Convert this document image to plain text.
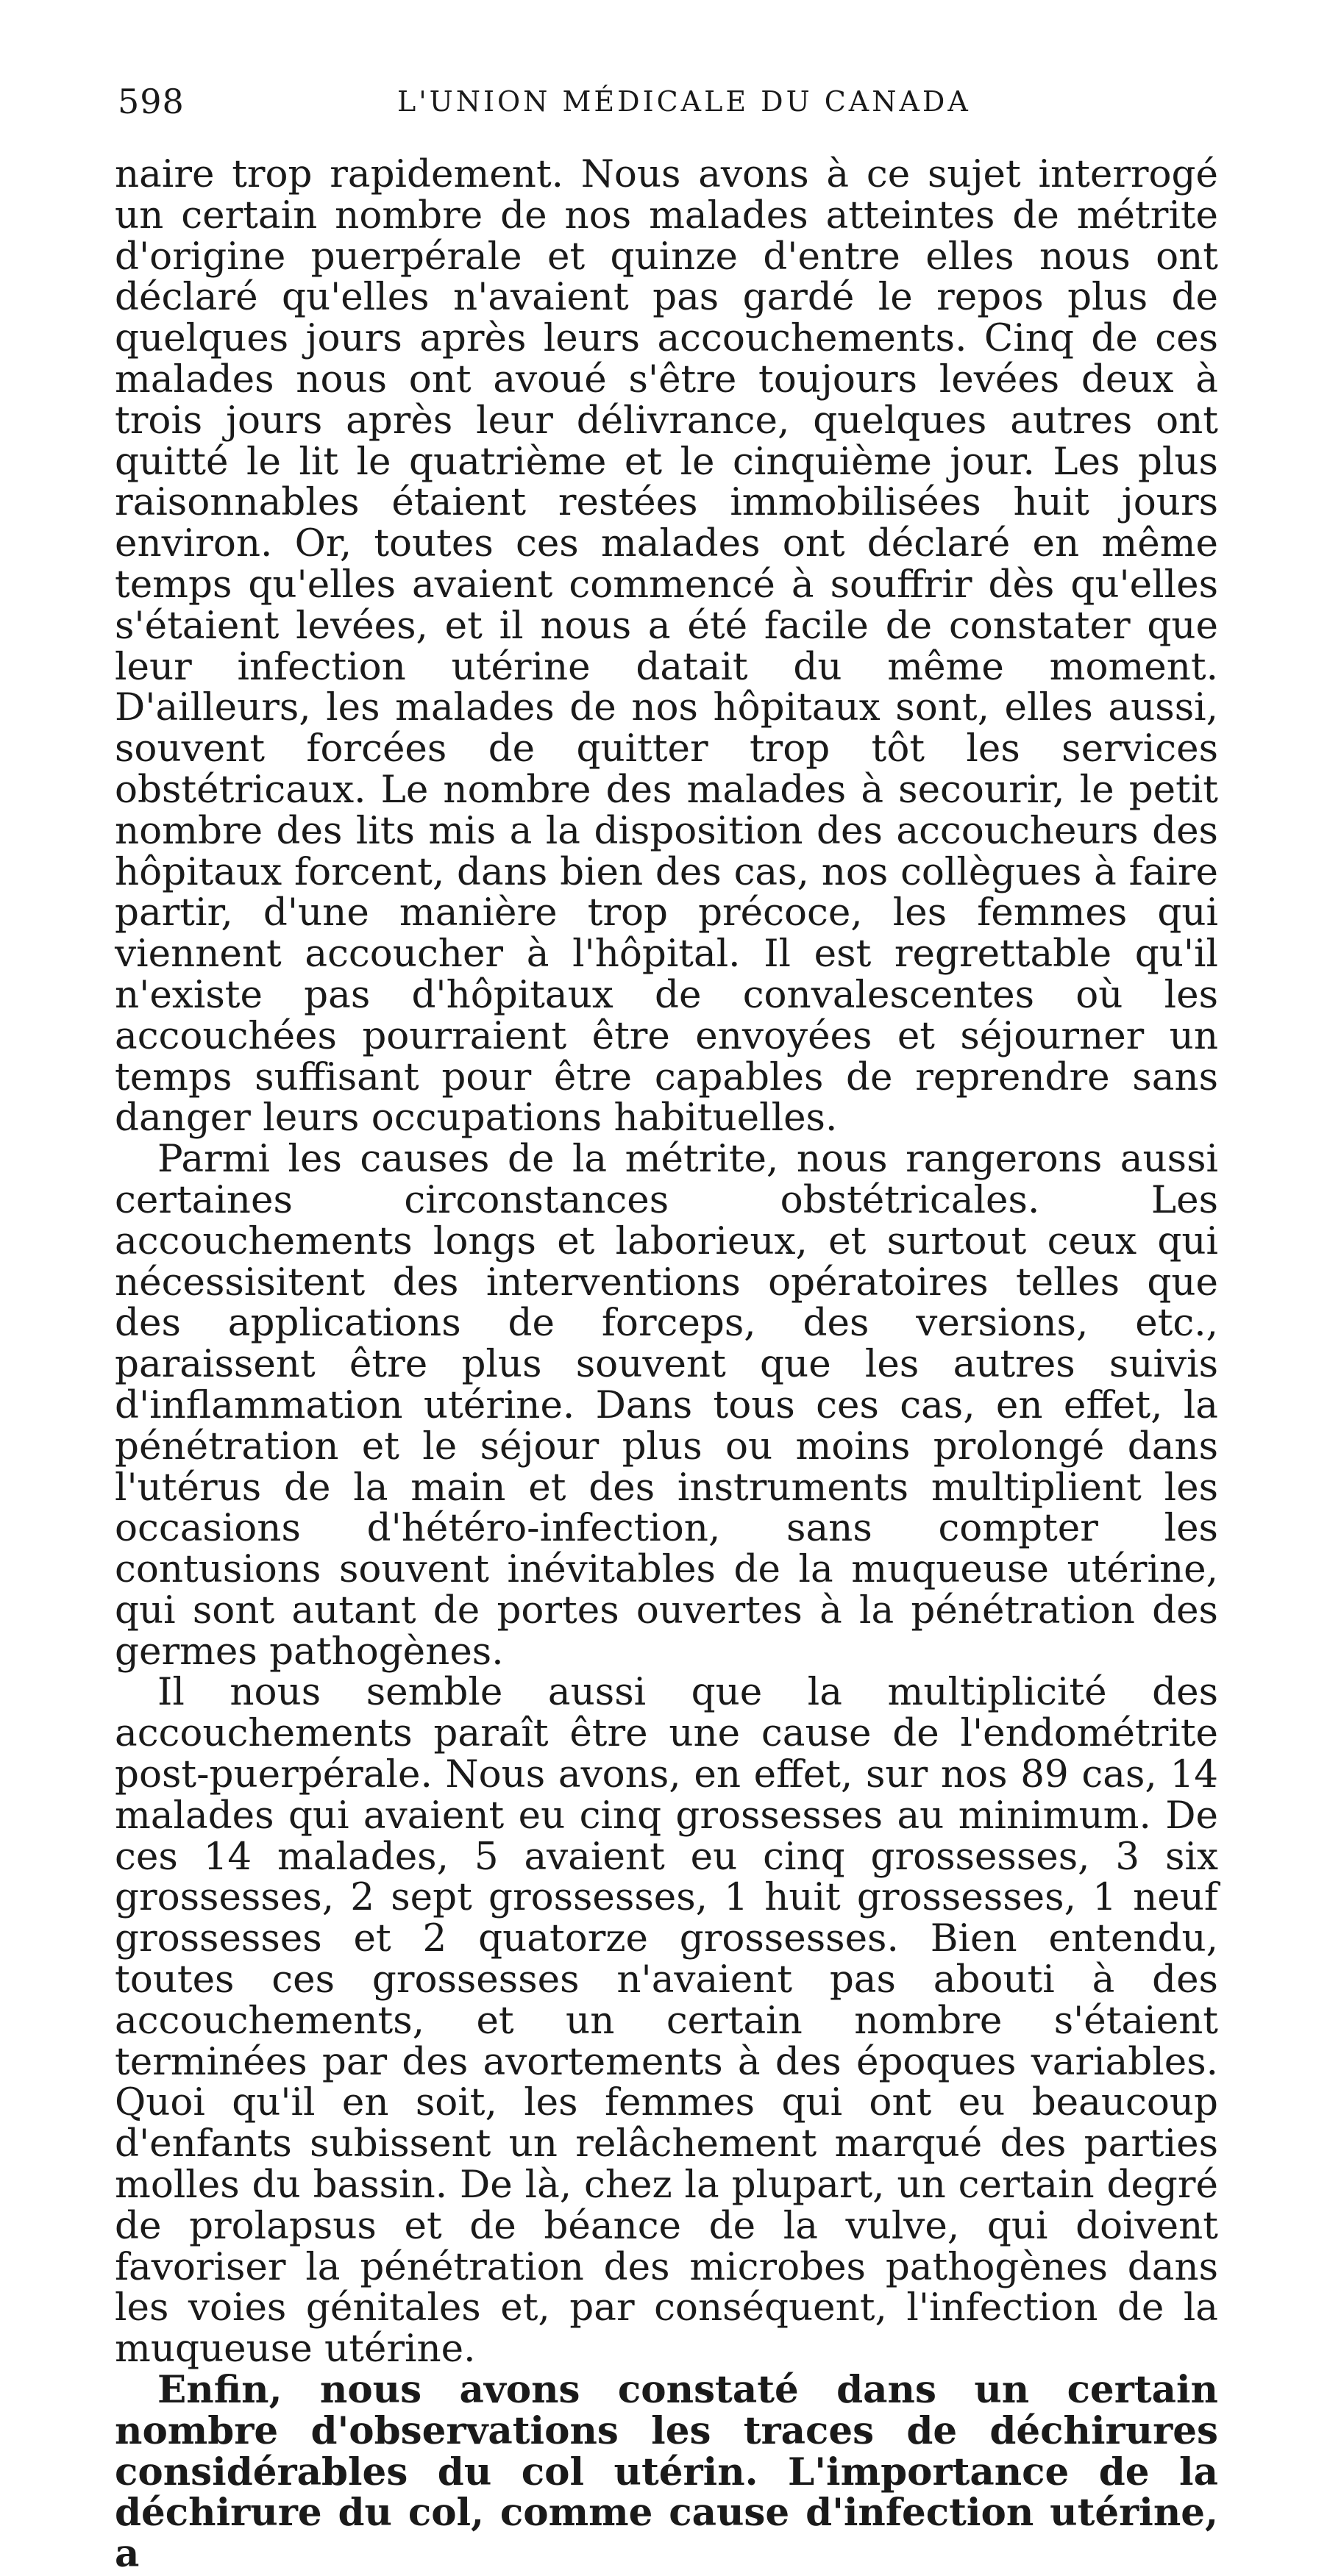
598	L'UNION MÉDICALE DU CANADA

naire trop rapidement. Nous avons à ce sujet interrogé un certain nombre de nos malades atteintes de métrite d'origine puerpérale et quinze d'entre elles nous ont déclaré qu'elles n'avaient pas gardé le repos plus de quelques jours après leurs accouchements. Cinq de ces malades nous ont avoué s'être toujours levées deux à trois jours après leur délivrance, quelques autres ont quitté le lit le quatrième et le cinquième jour. Les plus raisonnables étaient restées immobilisées huit jours environ. Or, toutes ces malades ont déclaré en même temps qu'elles avaient commencé à souffrir dès qu'elles s'étaient levées, et il nous a été facile de constater que leur infection utérine datait du même moment. D'ailleurs, les malades de nos hôpitaux sont, elles aussi, souvent forcées de quitter trop tôt les services obstétricaux. Le nombre des malades à secourir, le petit nombre des lits mis a la disposition des accoucheurs des hôpitaux forcent, dans bien des cas, nos collègues à faire partir, d'une manière trop précoce, les femmes qui viennent accoucher à l'hôpital. Il est regrettable qu'il n'existe pas d'hôpitaux de convalescentes où les accouchées pourraient être envoyées et séjourner un temps suffisant pour être capables de reprendre sans danger leurs occupations habituelles.

Parmi les causes de la métrite, nous rangerons aussi certaines circonstances obstétricales. Les accouchements longs et laborieux, et surtout ceux qui nécessisitent des interventions opératoires telles que des applications de forceps, des versions, etc., paraissent être plus souvent que les autres suivis d'inflammation utérine. Dans tous ces cas, en effet, la pénétration et le séjour plus ou moins prolongé dans l'utérus de la main et des instruments multiplient les occasions d'hétéro-infection, sans compter les contusions souvent inévitables de la muqueuse utérine, qui sont autant de portes ouvertes à la pénétration des germes pathogènes.

Il nous semble aussi que la multiplicité des accouchements paraît être une cause de l'endométrite post-puerpérale. Nous avons, en effet, sur nos 89 cas, 14 malades qui avaient eu cinq grossesses au minimum. De ces 14 malades, 5 avaient eu cinq grossesses, 3 six grossesses, 2 sept grossesses, 1 huit grossesses, 1 neuf grossesses et 2 quatorze grossesses. Bien entendu, toutes ces grossesses n'avaient pas abouti à des accouchements, et un certain nombre s'étaient terminées par des avortements à des époques variables. Quoi qu'il en soit, les femmes qui ont eu beaucoup d'enfants subissent un relâchement marqué des parties molles du bassin. De là, chez la plupart, un certain degré de prolapsus et de béance de la vulve, qui doivent favoriser la pénétration des microbes pathogènes dans les voies génitales et, par conséquent, l'infection de la muqueuse utérine.

Enfin, nous avons constaté dans un certain nombre d'observations les traces de déchirures considérables du col utérin. L'importance de la déchirure du col, comme cause d'infection utérine, a
